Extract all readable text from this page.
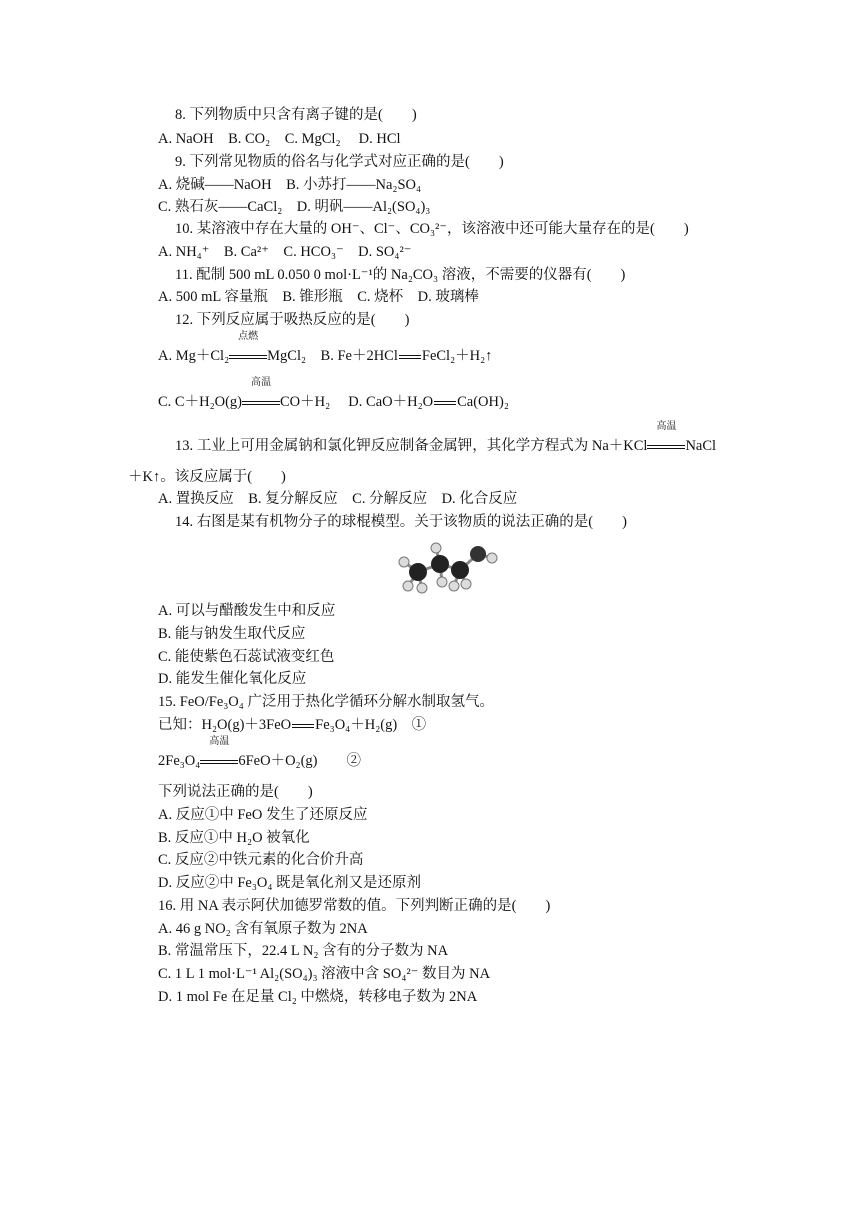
8. 下列物质中只含有离子键的是(　　)
A. NaOH　B. CO₂　C. MgCl₂　 D. HCl
9. 下列常见物质的俗名与化学式对应正确的是(　　)
A. 烧碱——NaOH　B. 小苏打——Na₂SO₄
C. 熟石灰——CaCl₂　D. 明矾——Al₂(SO₄)₃
10. 某溶液中存在大量的 OH⁻、Cl⁻、CO₃²⁻，该溶液中还可能大量存在的是(　　)
A. NH₄⁺　B. Ca²⁺　C. HCO₃⁻　D. SO₄²⁻
11. 配制 500 mL 0.050 0 mol·L⁻¹的 Na₂CO₃ 溶液，不需要的仪器有(　　)
A. 500 mL 容量瓶　B. 锥形瓶　C. 烧杯　D. 玻璃棒
12. 下列反应属于吸热反应的是(　　)
A. Mg＋Cl₂
点燃
MgCl₂　 B. Fe＋2HCl FeCl₂＋H₂↑
C. C＋H₂O(g)
高温
CO＋H₂　 D. CaO＋H₂O Ca(OH)₂
13. 工业上可用金属钠和氯化钾反应制备金属钾，其化学方程式为 Na＋KCl
高温
NaCl
＋K↑。该反应属于(　　)
A. 置换反应　B. 复分解反应　C. 分解反应　D. 化合反应
14. 右图是某有机物分子的球棍模型。关于该物质的说法正确的是(　　)
A. 可以与醋酸发生中和反应
B. 能与钠发生取代反应
C. 能使紫色石蕊试液变红色
D. 能发生催化氧化反应
15. FeO/Fe₃O₄ 广泛用于热化学循环分解水制取氢气。
已知：H₂O(g)＋3FeO Fe₃O₄＋H₂(g)　①
2Fe₃O₄
高温
6FeO＋O₂(g)　　②
下列说法正确的是(　　)
A. 反应①中 FeO 发生了还原反应
B. 反应①中 H₂O 被氧化
C. 反应②中铁元素的化合价升高
D. 反应②中 Fe₃O₄ 既是氧化剂又是还原剂
16. 用 NA 表示阿伏加德罗常数的值。下列判断正确的是(　　)
A. 46 g NO₂ 含有氧原子数为 2NA
B. 常温常压下，22.4 L N₂ 含有的分子数为 NA
C. 1 L 1 mol·L⁻¹ Al₂(SO₄)₃ 溶液中含 SO₄²⁻ 数目为 NA
D. 1 mol Fe 在足量 Cl₂ 中燃烧，转移电子数为 2NA
